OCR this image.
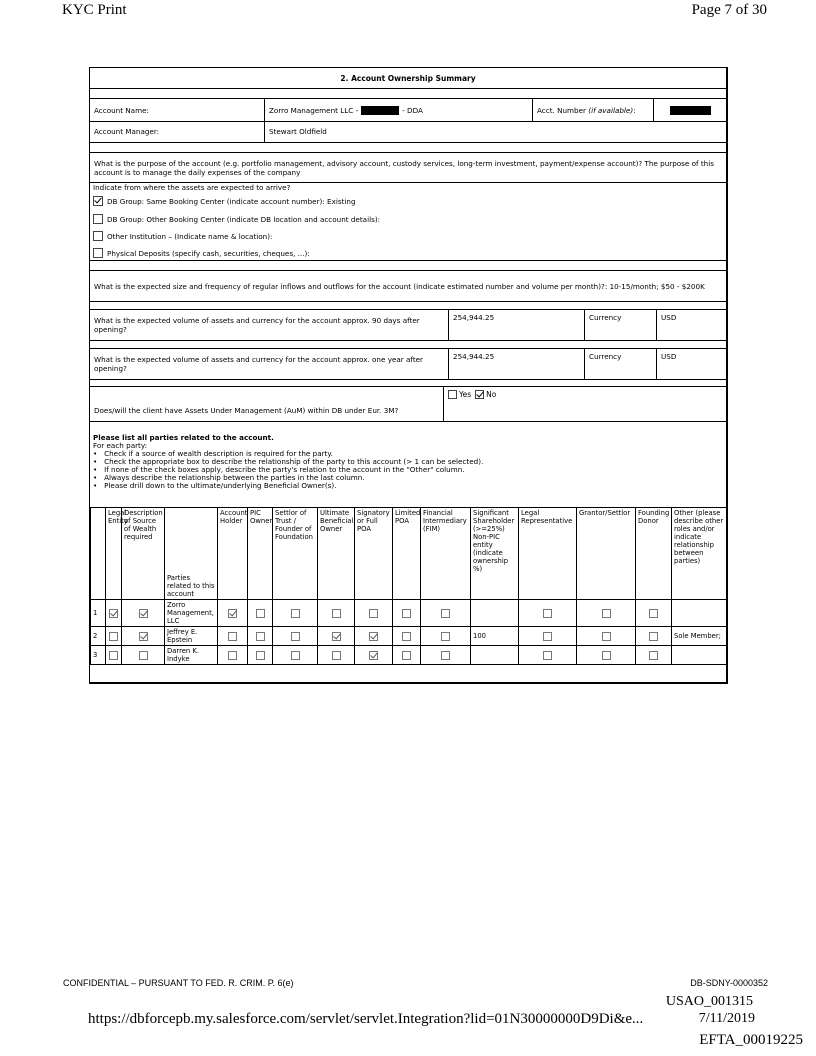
KYC Print	Page 7 of 30
2. Account Ownership Summary
Account Name:	Zorro Management LLC -	- DDA	Acct. Number
(if available) :
Account Manager:	Stewart Oldfield
What is the purpose of the account (e.g. portfolio management, advisory account, custody services, long-term investment, payment/expense account)? The purpose of this account is to manage the daily expenses of the company
Indicate from where the assets are expected to arrive?
DB Group: Same Booking Center (indicate account number): Existing
DB Group: Other Booking Center (indicate DB location and account details):
Other Institution – (Indicate name & location):
Physical Deposits (specify cash, securities, cheques, ...):
What is the expected size and frequency of regular inflows and outflows for the account (indicate estimated number and volume per month)?: 10-15/month; $50 - $200K
What is the expected volume of assets and currency for the account approx. 90 days after opening?
254,944.25	Currency	USD
What is the expected volume of assets and currency for the account approx. one year after opening?
254,944.25	Currency	USD
Does/will the client have Assets Under Management (AuM) within DB under Eur. 3M?
Yes No
Please list all parties related to the account.
For each party:
•   Check if a source of wealth description is required for the party.
•   Check the appropriate box to describe the relationship of the party to this account (> 1 can be selected).
•   If none of the check boxes apply, describe the party's relation to the account in the "Other" column.
•   Always describe the relationship between the parties in the last column.
•   Please drill down to the ultimate/underlying Beneficial Owner(s).
	Legal Entity	Description of Source of Wealth required	Parties related to this account	Account Holder	PIC Owner	Settlor of Trust / Founder of Foundation	Ultimate Beneficial Owner	Signatory or Full POA	Limited POA	Financial Intermediary (FIM)	Significant Shareholder (>=25%) Non-PIC entity (indicate ownership %)	Legal Representative	Grantor/Settlor	Founding Donor	Other (please describe other roles and/or indicate relationship between parties)
1			Zorro Management, LLC												
2			Jeffrey E. Epstein								100				Sole Member;
3			Darren K. Indyke												
CONFIDENTIAL – PURSUANT TO FED. R. CRIM. P. 6(e)	DB-SDNY-0000352
USAO_001315
https://dbforcepb.my.salesforce.com/servlet/servlet.Integration?lid=01N30000000D9Di&e...	7/11/2019
EFTA_00019225
